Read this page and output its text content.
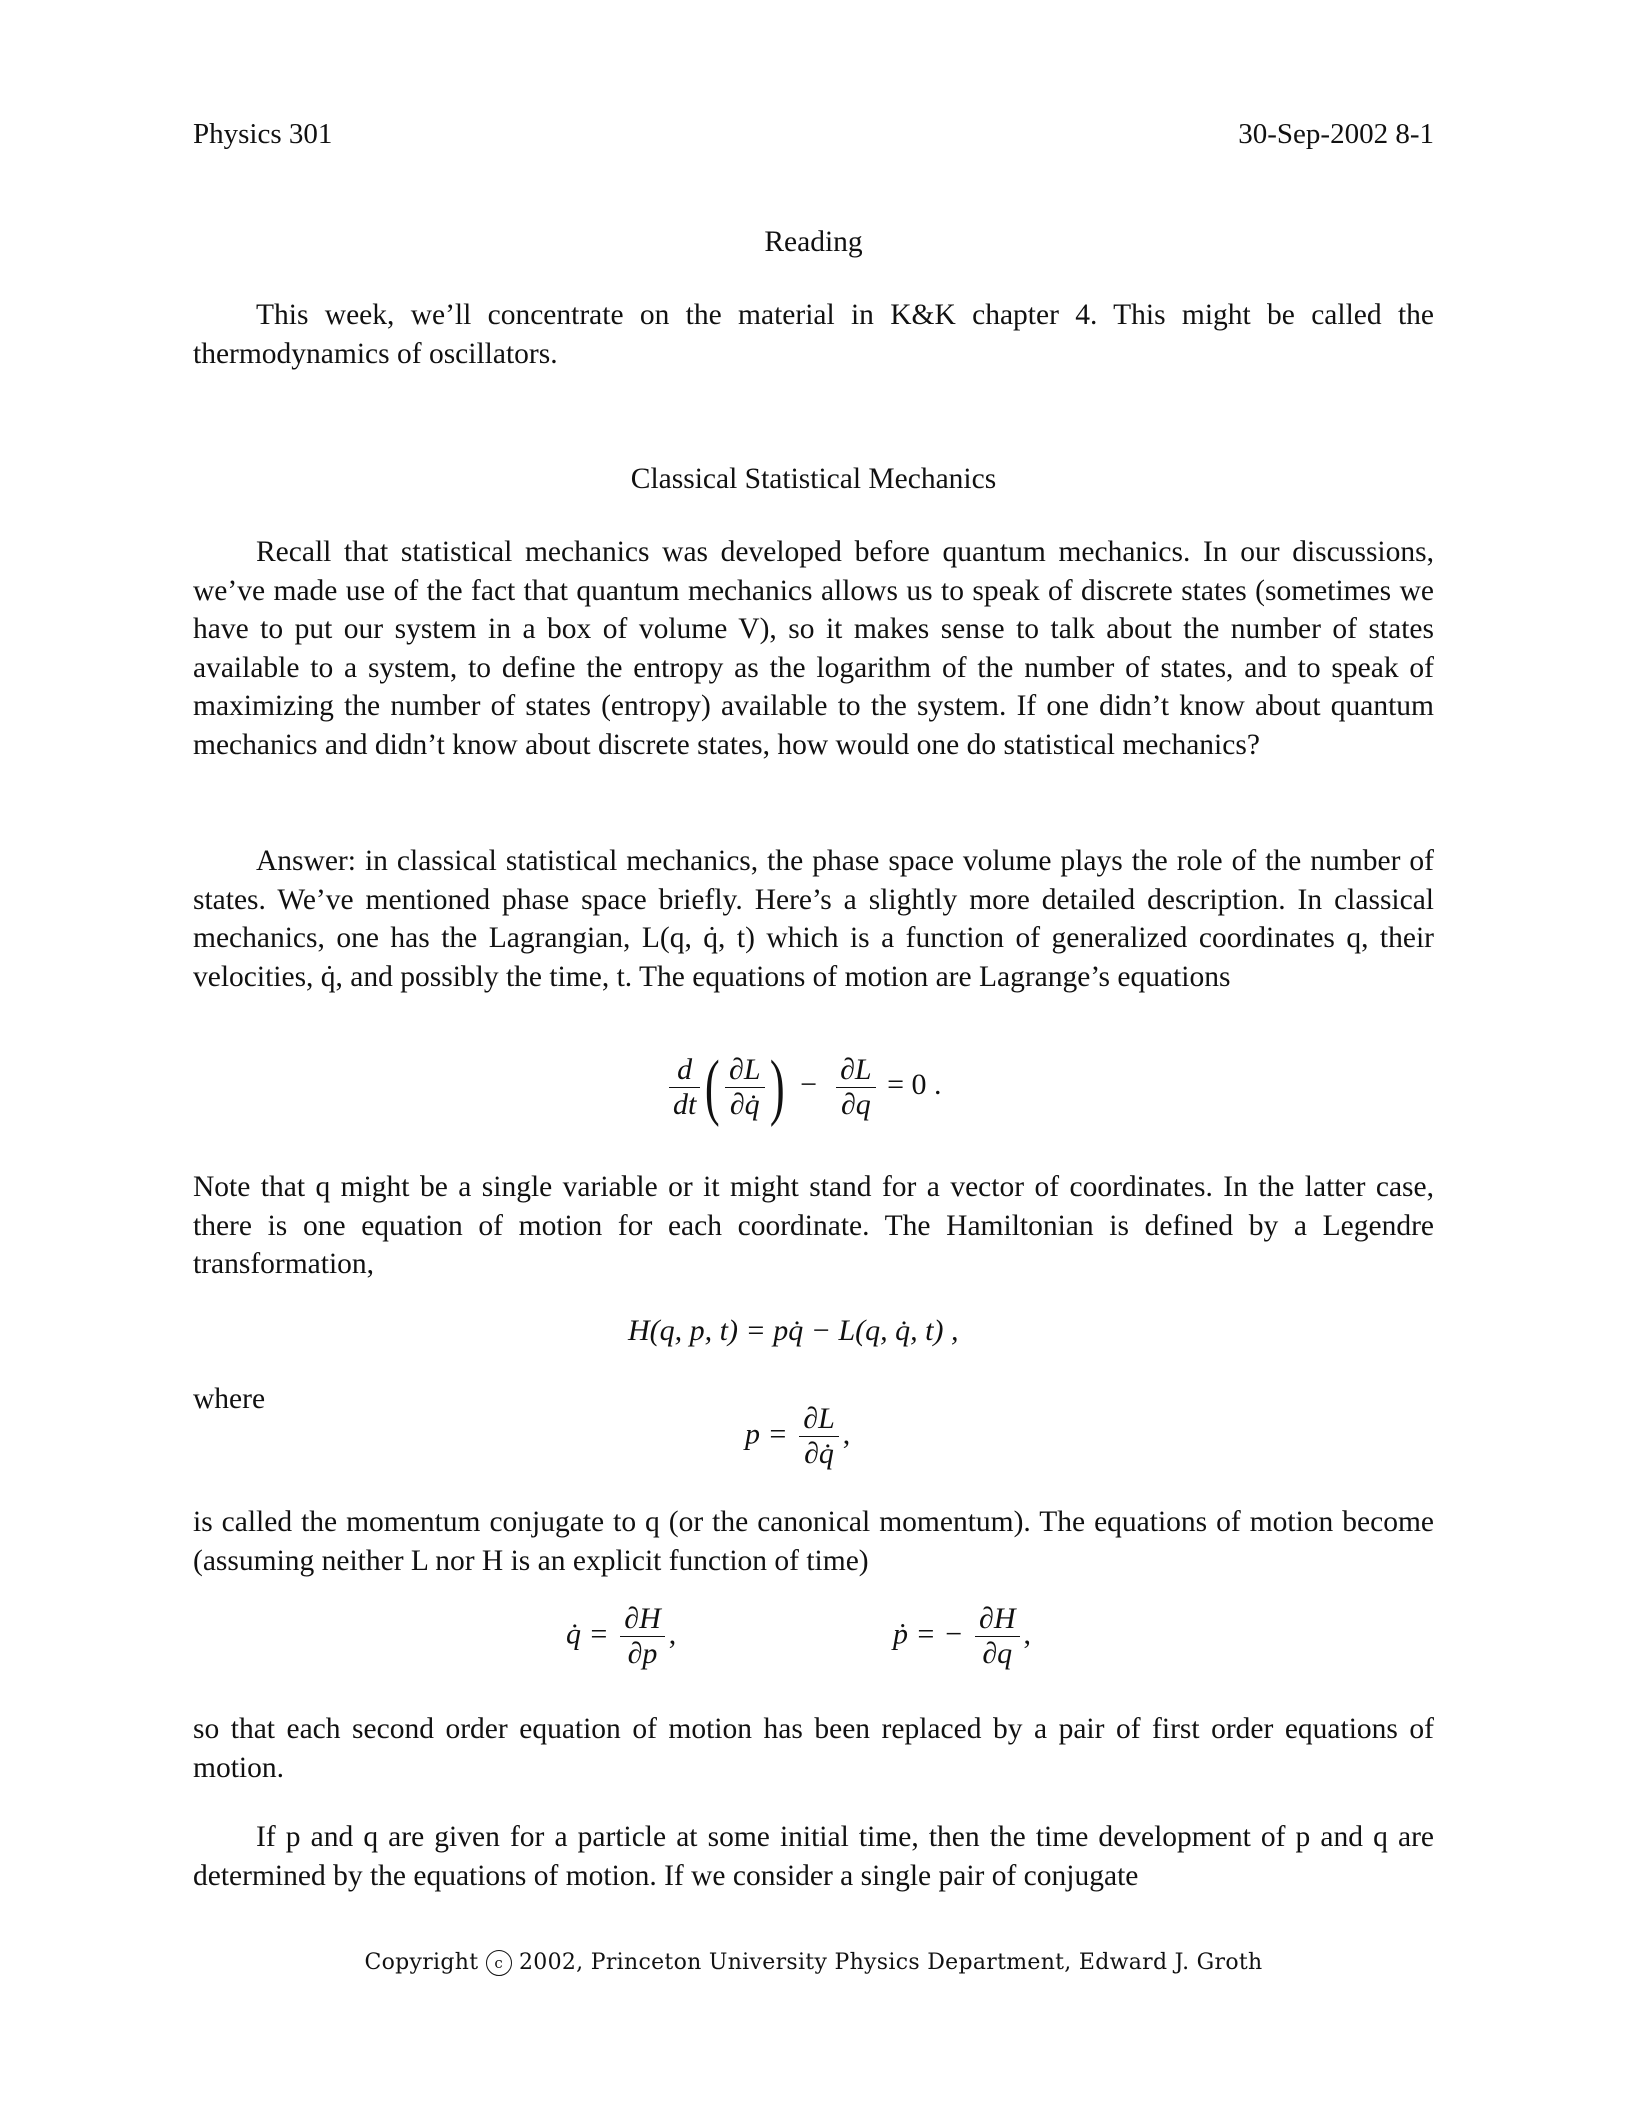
Physics 301	30-Sep-2002 8-1
Reading
This week, we’ll concentrate on the material in K&K chapter 4. This might be called the thermodynamics of oscillators.
Classical Statistical Mechanics
Recall that statistical mechanics was developed before quantum mechanics. In our discussions, we’ve made use of the fact that quantum mechanics allows us to speak of discrete states (sometimes we have to put our system in a box of volume V), so it makes sense to talk about the number of states available to a system, to define the entropy as the logarithm of the number of states, and to speak of maximizing the number of states (entropy) available to the system. If one didn’t know about quantum mechanics and didn’t know about discrete states, how would one do statistical mechanics?
Answer: in classical statistical mechanics, the phase space volume plays the role of the number of states. We’ve mentioned phase space briefly. Here’s a slightly more detailed description. In classical mechanics, one has the Lagrangian, L(q, q̇, t) which is a function of generalized coordinates q, their velocities, q̇, and possibly the time, t. The equations of motion are Lagrange’s equations
$\frac{d}{dt}$ ( $\frac{\partial L}{\partial q̇}$ )  − $\frac{\partial L}{\partial q} = 0$ .
Note that q might be a single variable or it might stand for a vector of coordinates. In the latter case, there is one equation of motion for each coordinate. The Hamiltonian is defined by a Legendre transformation,
H(q, p, t) = pq̇ − L(q, q̇, t) ,
where
$p = \frac{\partial L}{\partial q̇}$ ,
is called the momentum conjugate to q (or the canonical momentum). The equations of motion become (assuming neither L nor H is an explicit function of time)
q̇ = $\frac{\partial H}{\partial p}$ ,	ṗ = − $\frac{\partial H}{\partial q}$ ,
so that each second order equation of motion has been replaced by a pair of first order equations of motion.
If p and q are given for a particle at some initial time, then the time development of p and q are determined by the equations of motion. If we consider a single pair of conjugate
Copyright c 2002, Princeton University Physics Department, Edward J. Groth
